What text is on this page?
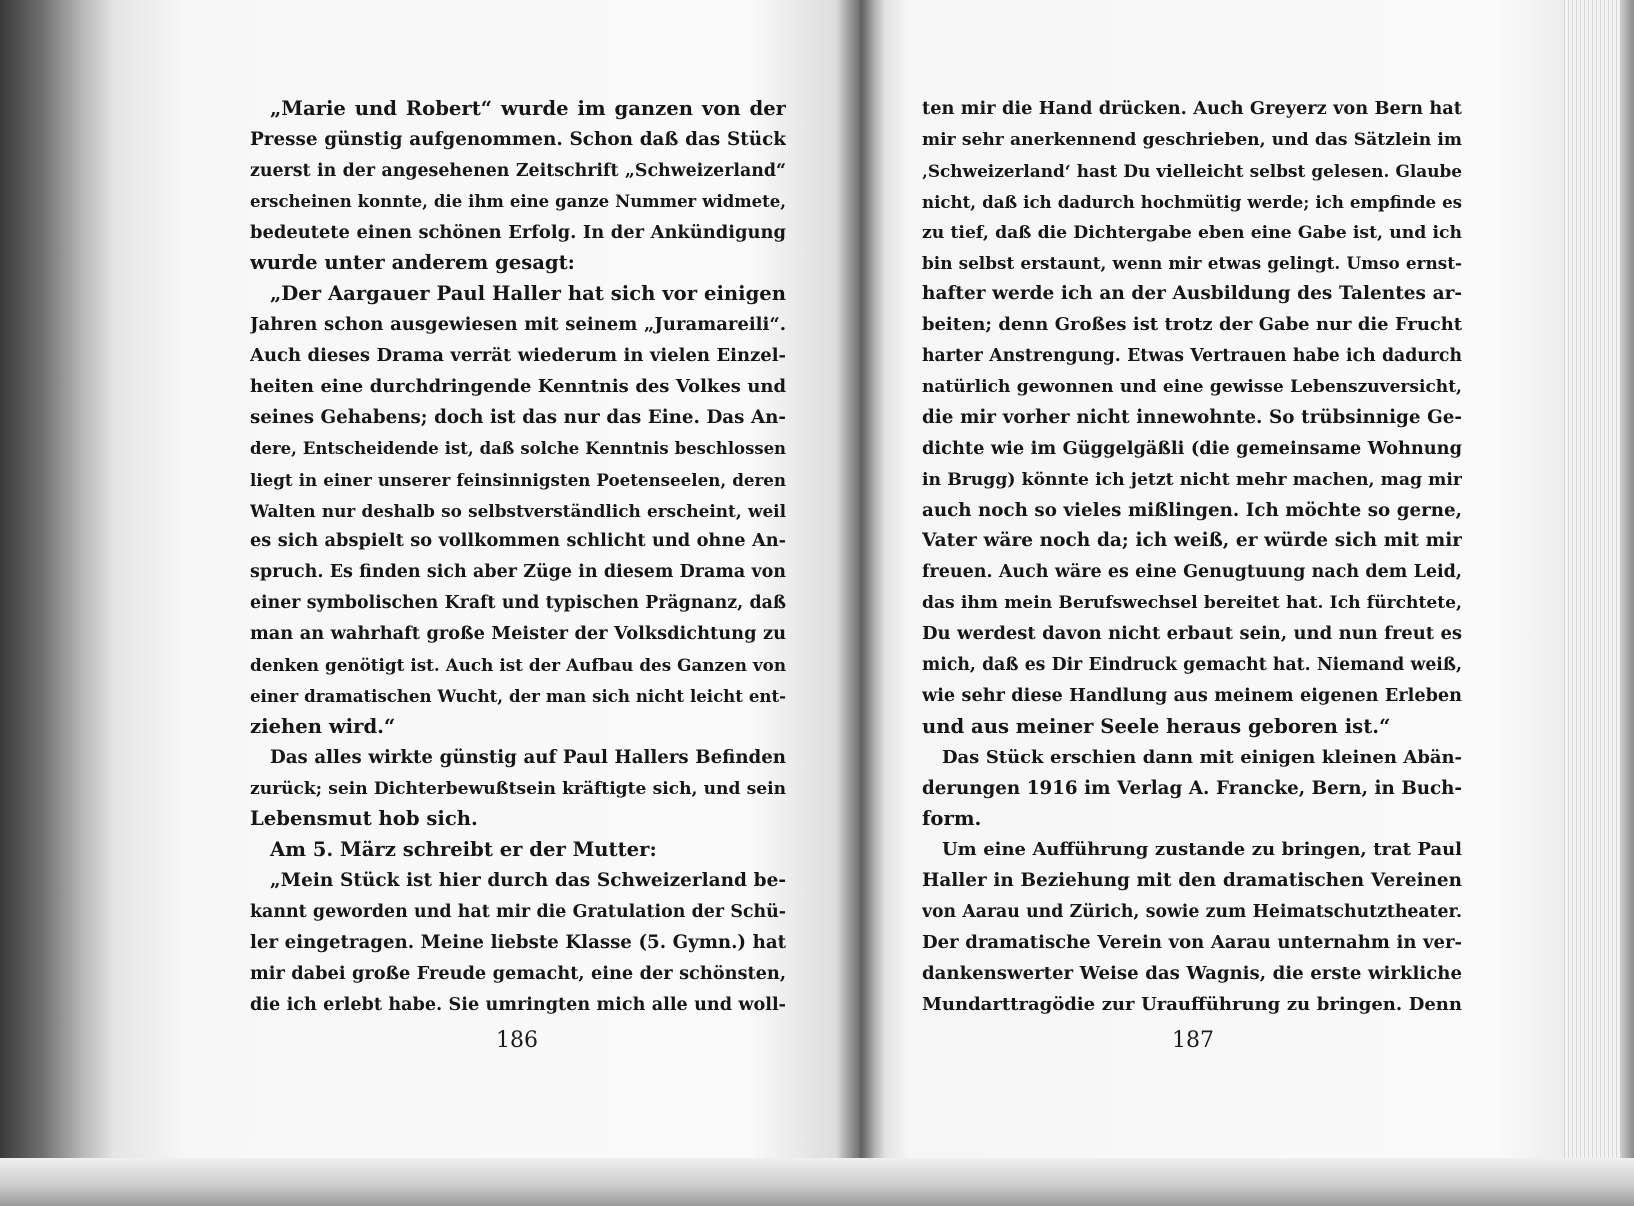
„Marie und Robert“ wurde im ganzen von der
Presse günstig aufgenommen. Schon daß das Stück
zuerst in der angesehenen Zeitschrift „Schweizerland“
erscheinen konnte, die ihm eine ganze Nummer widmete,
bedeutete einen schönen Erfolg. In der Ankündigung
wurde unter anderem gesagt:
„Der Aargauer Paul Haller hat sich vor einigen
Jahren schon ausgewiesen mit seinem „Juramareili“.
Auch dieses Drama verrät wiederum in vielen Einzel-
heiten eine durchdringende Kenntnis des Volkes und
seines Gehabens; doch ist das nur das Eine. Das An-
dere, Entscheidende ist, daß solche Kenntnis beschlossen
liegt in einer unserer feinsinnigsten Poetenseelen, deren
Walten nur deshalb so selbstverständlich erscheint, weil
es sich abspielt so vollkommen schlicht und ohne An-
spruch. Es finden sich aber Züge in diesem Drama von
einer symbolischen Kraft und typischen Prägnanz, daß
man an wahrhaft große Meister der Volksdichtung zu
denken genötigt ist. Auch ist der Aufbau des Ganzen von
einer dramatischen Wucht, der man sich nicht leicht ent-
ziehen wird.“
Das alles wirkte günstig auf Paul Hallers Befinden
zurück; sein Dichterbewußtsein kräftigte sich, und sein
Lebensmut hob sich.
Am 5. März schreibt er der Mutter:
„Mein Stück ist hier durch das Schweizerland be-
kannt geworden und hat mir die Gratulation der Schü-
ler eingetragen. Meine liebste Klasse (5. Gymn.) hat
mir dabei große Freude gemacht, eine der schönsten,
die ich erlebt habe. Sie umringten mich alle und woll-
186
ten mir die Hand drücken. Auch Greyerz von Bern hat
mir sehr anerkennend geschrieben, und das Sätzlein im
‚Schweizerland‘ hast Du vielleicht selbst gelesen. Glaube
nicht, daß ich dadurch hochmütig werde; ich empfinde es
zu tief, daß die Dichtergabe eben eine Gabe ist, und ich
bin selbst erstaunt, wenn mir etwas gelingt. Umso ernst-
hafter werde ich an der Ausbildung des Talentes ar-
beiten; denn Großes ist trotz der Gabe nur die Frucht
harter Anstrengung. Etwas Vertrauen habe ich dadurch
natürlich gewonnen und eine gewisse Lebenszuversicht,
die mir vorher nicht innewohnte. So trübsinnige Ge-
dichte wie im Güggelgäßli (die gemeinsame Wohnung
in Brugg) könnte ich jetzt nicht mehr machen, mag mir
auch noch so vieles mißlingen. Ich möchte so gerne,
Vater wäre noch da; ich weiß, er würde sich mit mir
freuen. Auch wäre es eine Genugtuung nach dem Leid,
das ihm mein Berufswechsel bereitet hat. Ich fürchtete,
Du werdest davon nicht erbaut sein, und nun freut es
mich, daß es Dir Eindruck gemacht hat. Niemand weiß,
wie sehr diese Handlung aus meinem eigenen Erleben
und aus meiner Seele heraus geboren ist.“
Das Stück erschien dann mit einigen kleinen Abän-
derungen 1916 im Verlag A. Francke, Bern, in Buch-
form.
Um eine Aufführung zustande zu bringen, trat Paul
Haller in Beziehung mit den dramatischen Vereinen
von Aarau und Zürich, sowie zum Heimatschutztheater.
Der dramatische Verein von Aarau unternahm in ver-
dankenswerter Weise das Wagnis, die erste wirkliche
Mundarttragödie zur Uraufführung zu bringen. Denn
187
